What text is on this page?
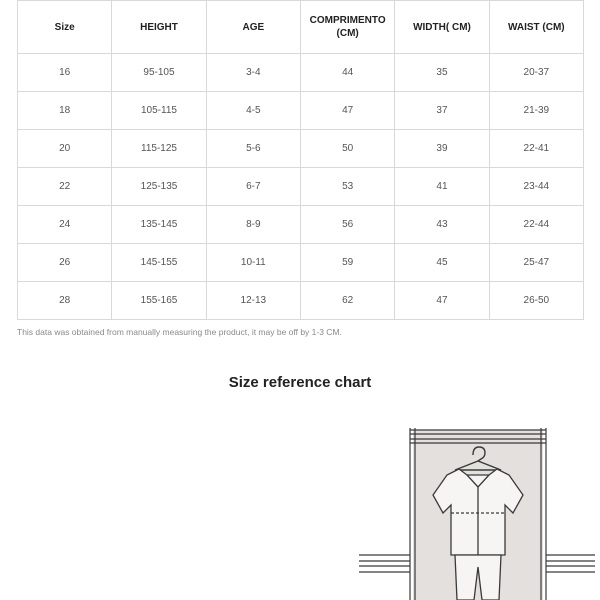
Size	HEIGHT	AGE	COMPRIMENTO (CM)	WIDTH( CM)	WAIST (CM)
16	95-105	3-4	44	35	20-37
18	105-115	4-5	47	37	21-39
20	115-125	5-6	50	39	22-41
22	125-135	6-7	53	41	23-44
24	135-145	8-9	56	43	22-44
26	145-155	10-11	59	45	25-47
28	155-165	12-13	62	47	26-50
This data was obtained from manually measuring the product, it may be off by 1-3 CM.
Size reference chart
